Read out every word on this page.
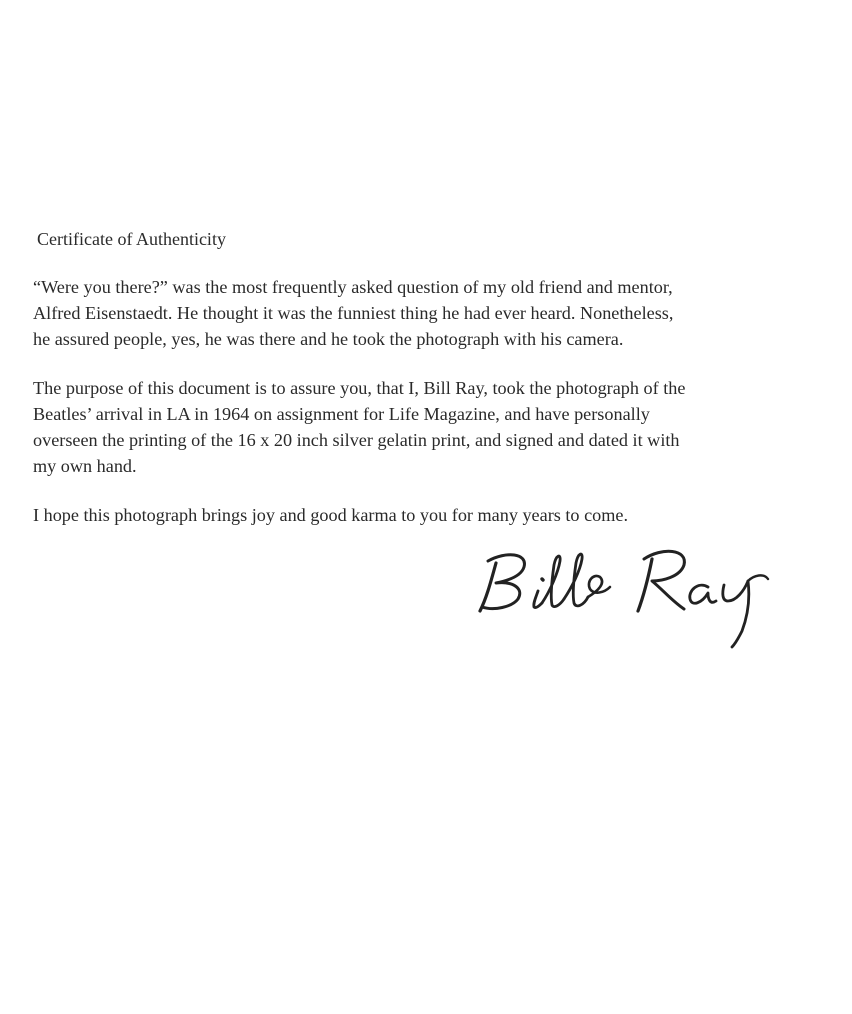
Certificate of Authenticity
“Were you there?” was the most frequently asked question of my old friend and mentor,
Alfred Eisenstaedt. He thought it was the funniest thing he had ever heard. Nonetheless,
he assured people, yes, he was there and he took the photograph with his camera.
The purpose of this document is to assure you, that I, Bill Ray, took the photograph of the
Beatles’ arrival in LA in 1964 on assignment for Life Magazine, and have personally
overseen the printing of the 16 x 20 inch silver gelatin print, and signed and dated it with
my own hand.
I hope this photograph brings joy and good karma to you for many years to come.
